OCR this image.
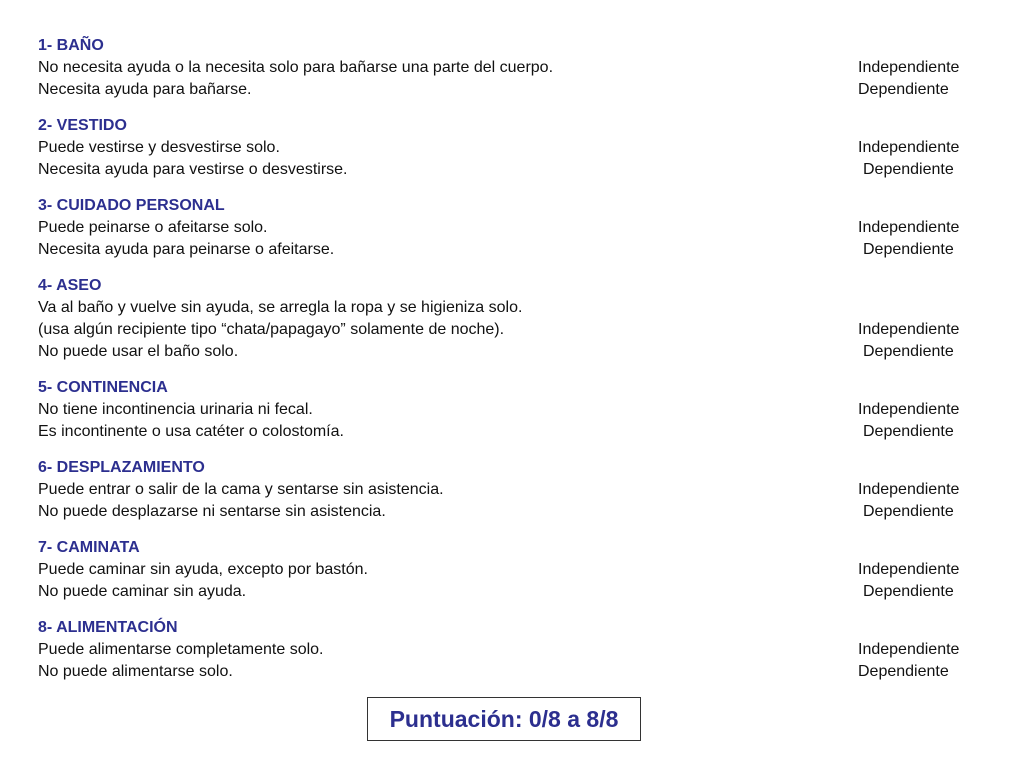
1- BAÑO
No necesita ayuda o la necesita solo para bañarse una parte del cuerpo.	Independiente
Necesita ayuda para bañarse.	Dependiente
2- VESTIDO
Puede vestirse y desvestirse solo.	Independiente
Necesita ayuda para vestirse o desvestirse.	Dependiente
3- CUIDADO PERSONAL
Puede peinarse o afeitarse solo.	Independiente
Necesita ayuda para peinarse o afeitarse.	Dependiente
4- ASEO
Va al baño y vuelve sin ayuda, se arregla la ropa y se higieniza solo.
(usa algún recipiente tipo “chata/papagayo” solamente de noche).	Independiente
No puede usar el baño solo.	Dependiente
5- CONTINENCIA
No tiene incontinencia urinaria ni fecal.	Independiente
Es incontinente o usa catéter o colostomía.	Dependiente
6- DESPLAZAMIENTO
Puede entrar o salir de la cama y sentarse sin asistencia.	Independiente
No puede desplazarse ni sentarse sin asistencia.	Dependiente
7- CAMINATA
Puede caminar sin ayuda, excepto por bastón.	Independiente
No puede caminar sin ayuda.	Dependiente
8- ALIMENTACIÓN
Puede alimentarse completamente solo.	Independiente
No puede alimentarse solo.	Dependiente
Puntuación: 0/8 a 8/8
